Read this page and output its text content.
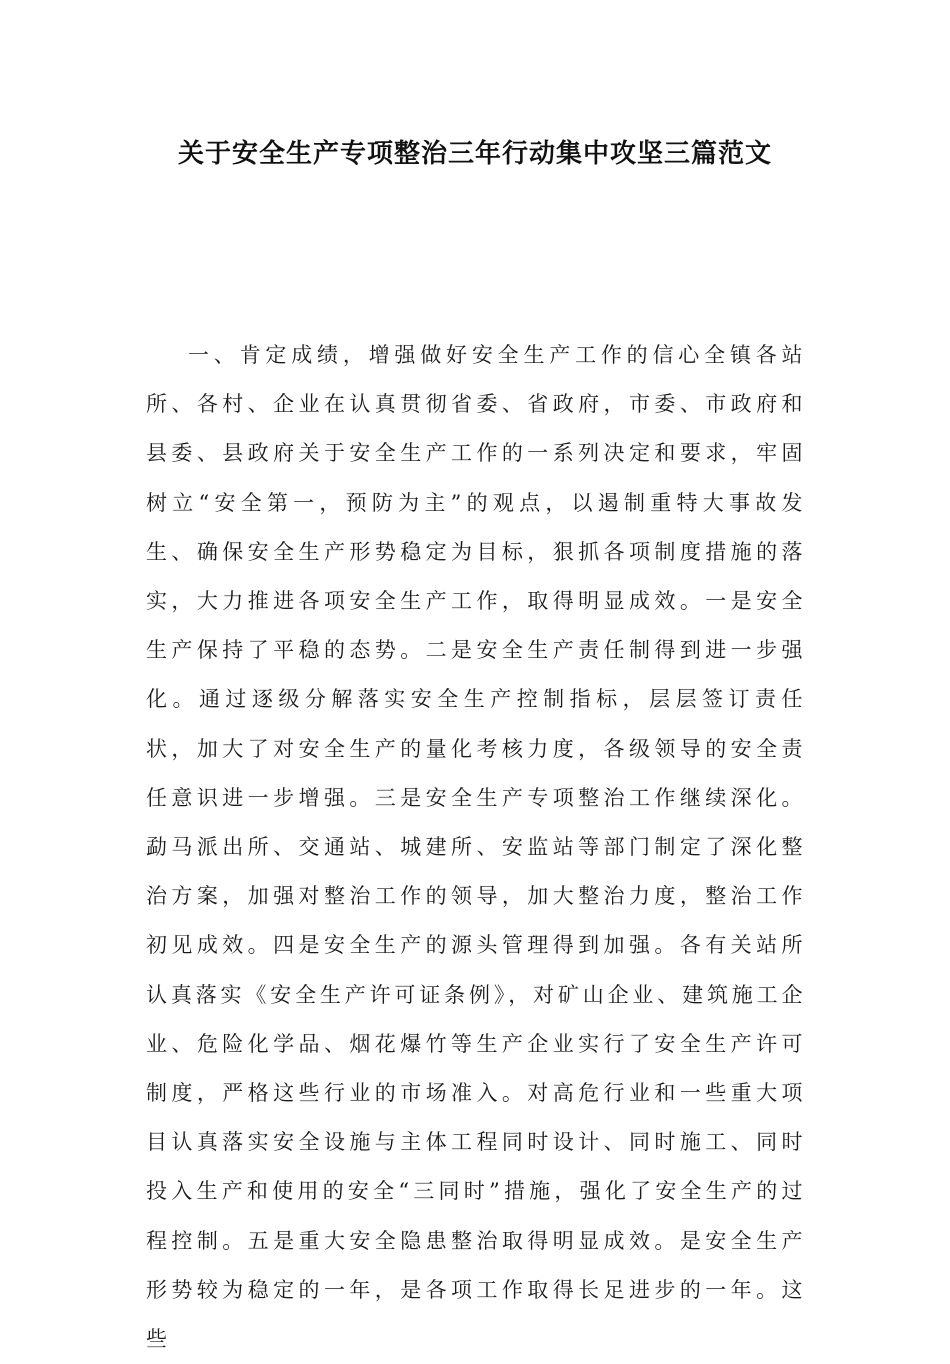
关于安全生产专项整治三年行动集中攻坚三篇范文

一、肯定成绩，增强做好安全生产工作的信心全镇各站所、各村、企业在认真贯彻省委、省政府，市委、市政府和县委、县政府关于安全生产工作的一系列决定和要求，牢固树立“安全第一，预防为主”的观点，以遏制重特大事故发生、确保安全生产形势稳定为目标，狠抓各项制度措施的落实，大力推进各项安全生产工作，取得明显成效。一是安全生产保持了平稳的态势。二是安全生产责任制得到进一步强化。通过逐级分解落实安全生产控制指标，层层签订责任状，加大了对安全生产的量化考核力度，各级领导的安全责任意识进一步增强。三是安全生产专项整治工作继续深化。勐马派出所、交通站、城建所、安监站等部门制定了深化整治方案，加强对整治工作的领导，加大整治力度，整治工作初见成效。四是安全生产的源头管理得到加强。各有关站所认真落实《安全生产许可证条例》，对矿山企业、建筑施工企业、危险化学品、烟花爆竹等生产企业实行了安全生产许可制度，严格这些行业的市场准入。对高危行业和一些重大项目认真落实安全设施与主体工程同时设计、同时施工、同时投入生产和使用的安全“三同时”措施，强化了安全生产的过程控制。五是重大安全隐患整治取得明显成效。是安全生产形势较为稳定的一年，是各项工作取得长足进步的一年。这些
